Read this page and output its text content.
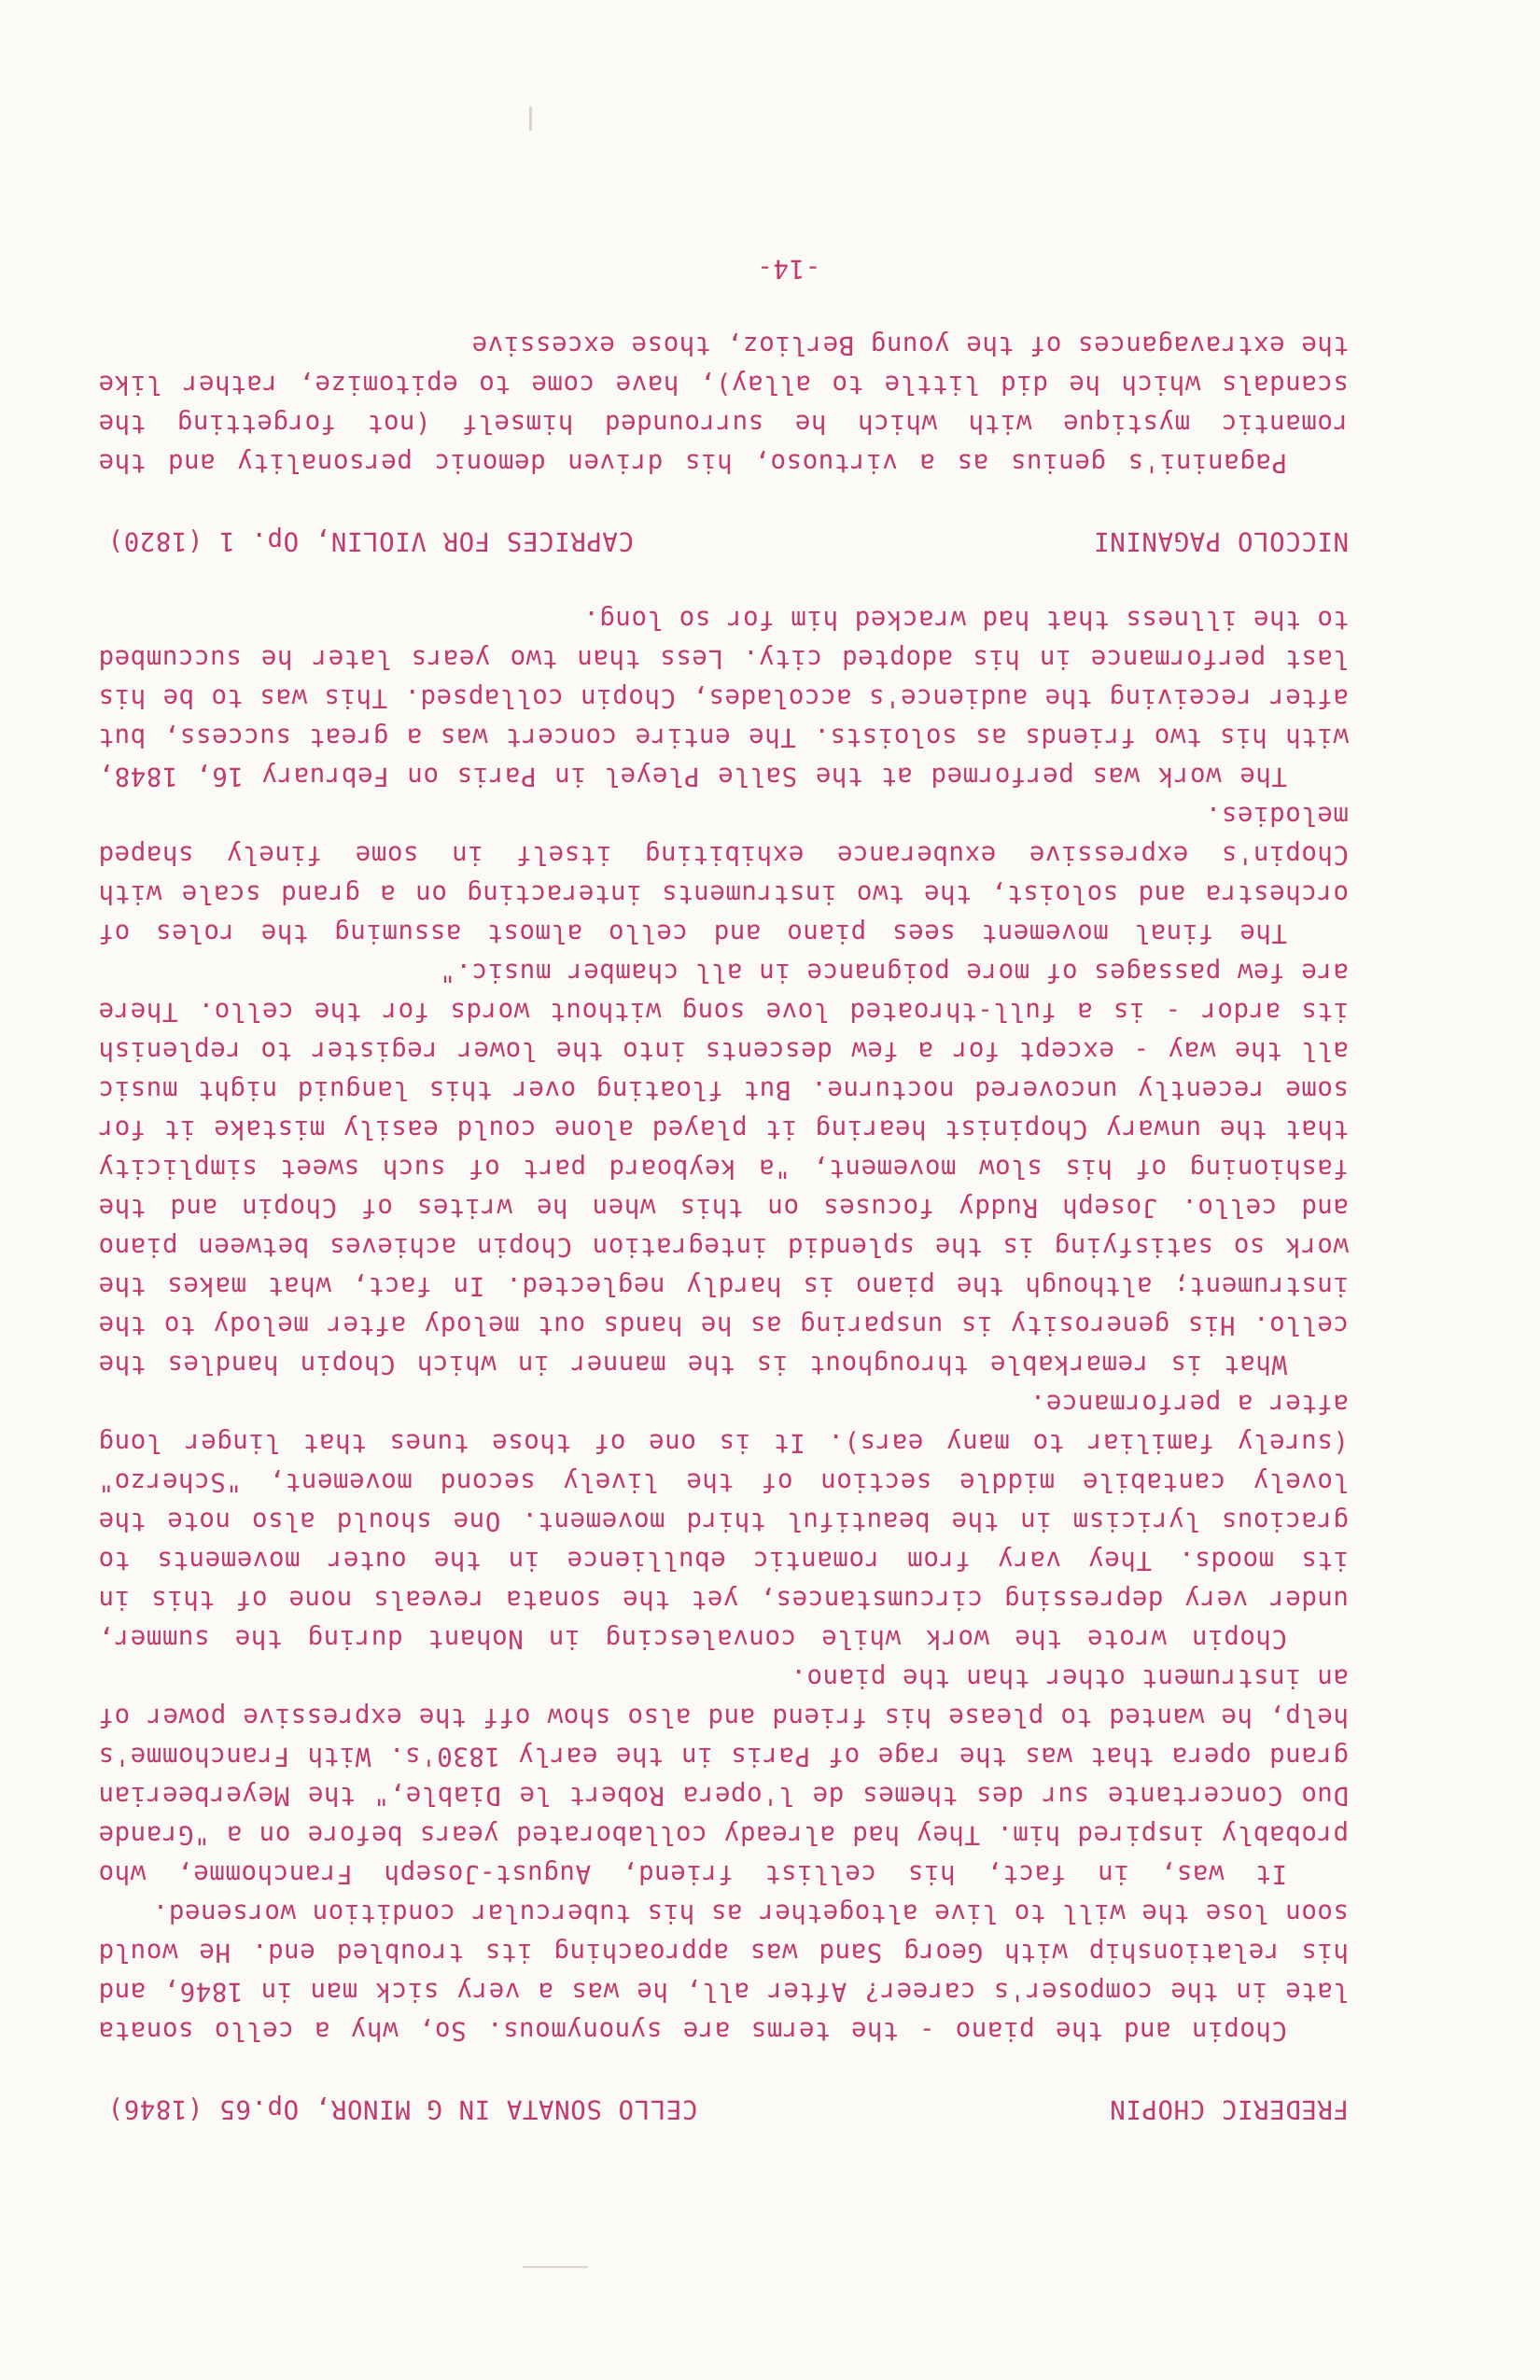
FREDERIC CHOPIN
CELLO SONATA IN G MINOR, Op.65 (1846)

Chopin and the piano - the terms are synonymous. So, why a cello sonata late in the composer's career? After all, he was a very sick man in 1846, and his relationship with Georg Sand was approaching its troubled end. He would soon lose the will to live altogether as his tubercular condition worsened.

It was, in fact, his cellist friend, August-Joseph Franchomme, who probably inspired him. They had already collaborated years before on a "Grande Duo Concertante sur des themes de l'opera Robert le Diable," the Meyerbeerian grand opera that was the rage of Paris in the early 1830's. With Franchomme's help, he wanted to please his friend and also show off the expressive power of an instrument other than the piano.

Chopin wrote the work while convalescing in Nohant during the summer, under very depressing circumstances, yet the sonata reveals none of this in its moods. They vary from romantic ebullience in the outer movements to gracious lyricism in the beautiful third movement. One should also note the lovely cantabile middle section of the lively second movement, "Scherzo" (surely familiar to many ears). It is one of those tunes that linger long after a performance.

What is remarkable throughout is the manner in which Chopin handles the cello. His generosity is unsparing as he hands out melody after melody to the instrument; although the piano is hardly neglected. In fact, what makes the work so satisfying is the splendid integration Chopin achieves between piano and cello. Joseph Ruddy focuses on this when he writes of Chopin and the fashioning of his slow movement, "a keyboard part of such sweet simplicity that the unwary Chopinist hearing it played alone could easily mistake it for some recently uncovered nocturne. But floating over this languid night music all the way - except for a few descents into the lower register to replenish its ardor - is a full-throated love song without words for the cello. There are few passages of more poignance in all chamber music."

The final movement sees piano and cello almost assuming the roles of orchestra and soloist, the two instruments interacting on a grand scale with Chopin's expressive exuberance exhibiting itself in some finely shaped melodies.

The work was performed at the Salle Pleyel in Paris on February 16, 1848, with his two friends as soloists. The entire concert was a great success, but after receiving the audience's accolades, Chopin collapsed. This was to be his last performance in his adopted city. Less than two years later he succumbed to the illness that had wracked him for so long.

NICCOLO PAGANINI
CAPRICES FOR VIOLIN, Op. 1 (1820)

Paganini's genius as a virtuoso, his driven demonic personality and the romantic mystique with which he surrounded himself (not forgetting the scandals which he did little to allay), have come to epitomize, rather like the extravagances of the young Berlioz, those excessive

-14-
